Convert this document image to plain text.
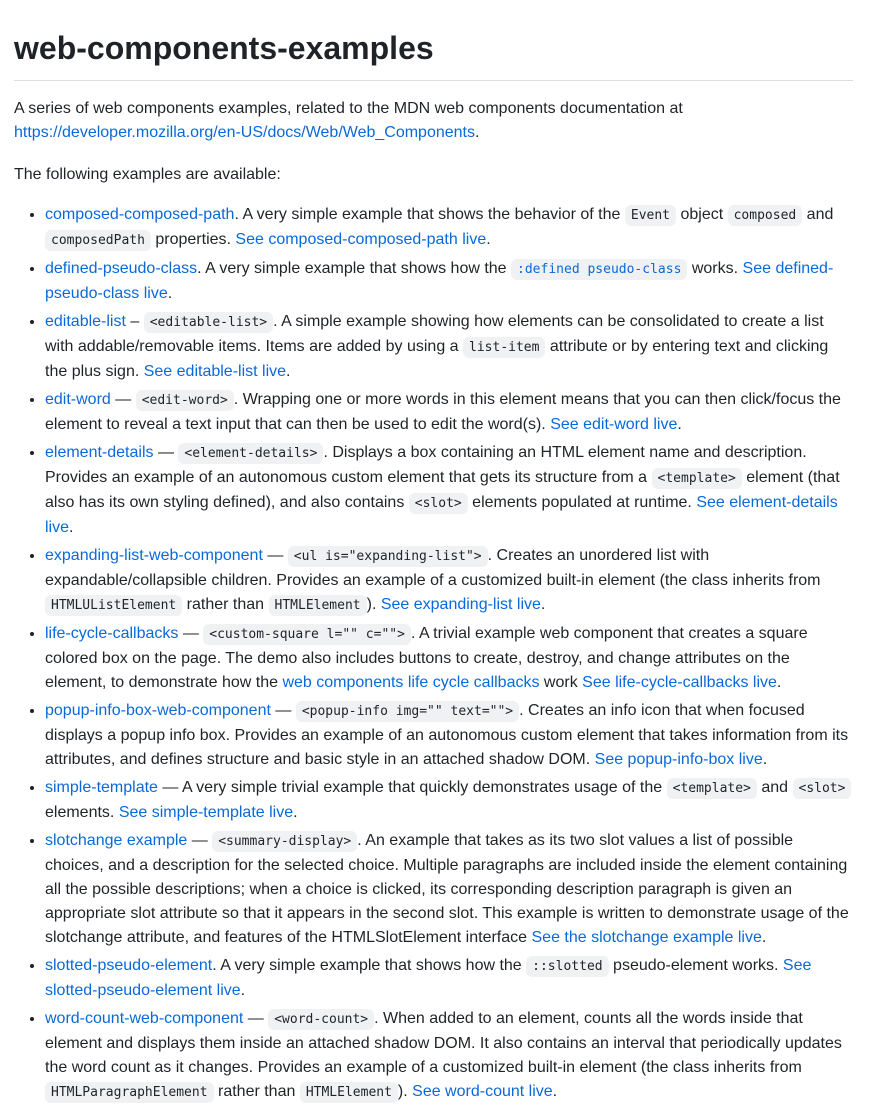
web-components-examples

A series of web components examples, related to the MDN web components documentation at https://developer.mozilla.org/en-US/docs/Web/Web_Components.

The following examples are available:

• composed-composed-path. A very simple example that shows the behavior of the Event object composed and composedPath properties. See composed-composed-path live.
• defined-pseudo-class. A very simple example that shows how the :defined pseudo-class works. See defined-pseudo-class live.
• editable-list – <editable-list> . A simple example showing how elements can be consolidated to create a list with addable/removable items. Items are added by using a list-item attribute or by entering text and clicking the plus sign. See editable-list live.
• edit-word — <edit-word> . Wrapping one or more words in this element means that you can then click/focus the element to reveal a text input that can then be used to edit the word(s). See edit-word live.
• element-details — <element-details> . Displays a box containing an HTML element name and description. Provides an example of an autonomous custom element that gets its structure from a <template> element (that also has its own styling defined), and also contains <slot> elements populated at runtime. See element-details live.
• expanding-list-web-component — <ul is="expanding-list"> . Creates an unordered list with expandable/collapsible children. Provides an example of a customized built-in element (the class inherits from HTMLUListElement rather than HTMLElement ). See expanding-list live.
• life-cycle-callbacks — <custom-square l="" c=""> . A trivial example web component that creates a square colored box on the page. The demo also includes buttons to create, destroy, and change attributes on the element, to demonstrate how the web components life cycle callbacks work See life-cycle-callbacks live.
• popup-info-box-web-component — <popup-info img="" text=""> . Creates an info icon that when focused displays a popup info box. Provides an example of an autonomous custom element that takes information from its attributes, and defines structure and basic style in an attached shadow DOM. See popup-info-box live.
• simple-template — A very simple trivial example that quickly demonstrates usage of the <template> and <slot> elements. See simple-template live.
• slotchange example — <summary-display> . An example that takes as its two slot values a list of possible choices, and a description for the selected choice. Multiple paragraphs are included inside the element containing all the possible descriptions; when a choice is clicked, its corresponding description paragraph is given an appropriate slot attribute so that it appears in the second slot. This example is written to demonstrate usage of the slotchange attribute, and features of the HTMLSlotElement interface See the slotchange example live.
• slotted-pseudo-element. A very simple example that shows how the ::slotted pseudo-element works. See slotted-pseudo-element live.
• word-count-web-component — <word-count> . When added to an element, counts all the words inside that element and displays them inside an attached shadow DOM. It also contains an interval that periodically updates the word count as it changes. Provides an example of a customized built-in element (the class inherits from HTMLParagraphElement rather than HTMLElement ). See word-count live.
